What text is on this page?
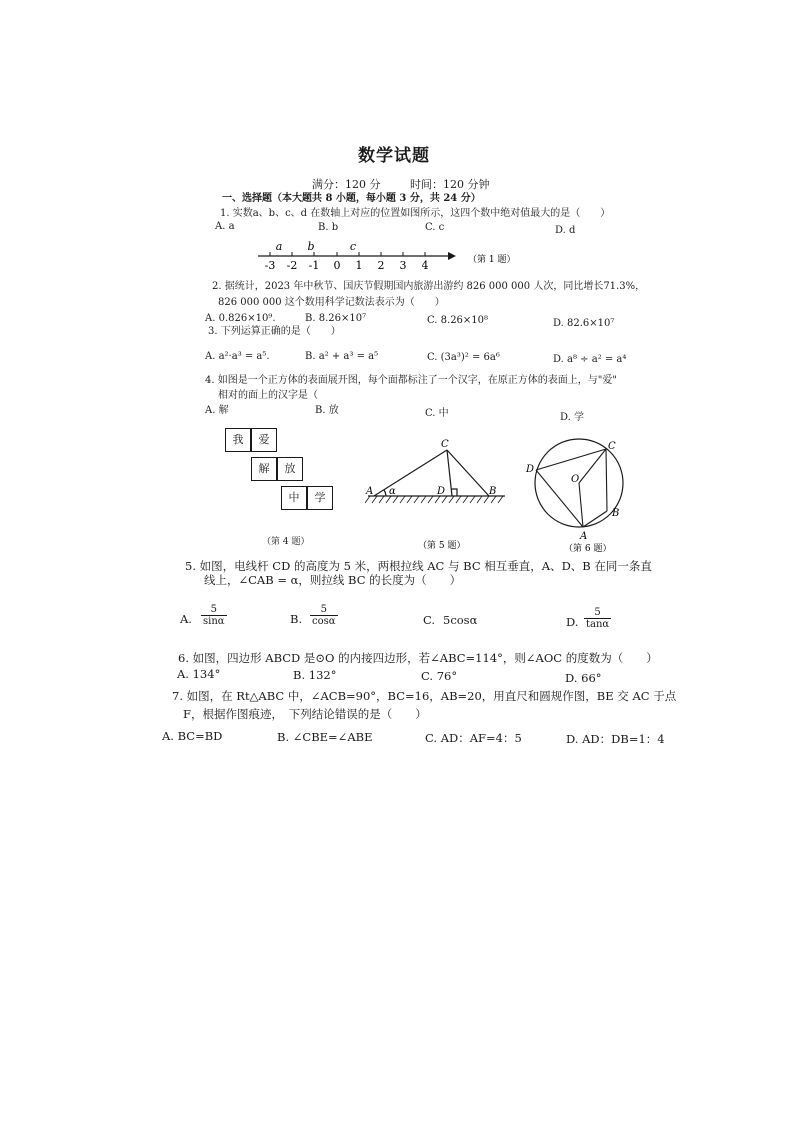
数学试题
满分：120 分	时间：120 分钟
一、选择题（本大题共 8 小题，每小题 3 分，共 24 分）
1. 实数a、b、c、d 在数轴上对应的位置如图所示，这四个数中绝对值最大的是（　　）
A. a	B. b	C. c	D. d
a b	c
-3 -2 -1 0 1 2 3 4	（第 1 题）
2. 据统计，2023 年中秋节、国庆节假期国内旅游出游约 826 000 000 人次，同比增长71.3%，
826 000 000 这个数用科学记数法表示为（　　）
A. 0.826×10⁹.	B. 8.26×10⁷	C. 8.26×10⁸	D. 82.6×10⁷
3. 下列运算正确的是（　　）
A. a²·a³ = a⁵.	B. a² + a³ = a⁵	C. (3a³)² = 6a⁶	D. a⁸ ÷ a² = a⁴
4. 如图是一个正方体的表面展开图，每个面都标注了一个汉字，在原正方体的表面上，与"爱"
相对的面上的汉字是（
A. 解	B. 放	C. 中	D. 学
我	爱
解	放
中	学
（第 4 题）
C
A	D	B
α
（第 5 题）
C
D
O
B
A
（第 6 题）
5. 如图，电线杆 CD 的高度为 5 米，两根拉线 AC 与 BC 相互垂直，A、D、B 在同一条直
线上，∠CAB = α，则拉线 BC 的长度为（　　）
A. $\frac{5}{\sin\alpha}$	B. $\frac{5}{\cos\alpha}$	C. 5cosα	D. $\frac{5}{\tan\alpha}$
6. 如图，四边形 ABCD 是⊙O 的内接四边形，若∠ABC=114°，则∠AOC 的度数为（　　）
A. 134°	B. 132°	C. 76°	D. 66°
7. 如图，在 Rt△ABC 中，∠ACB=90°，BC=16，AB=20，用直尺和圆规作图，BE 交 AC 于点
F，根据作图痕迹，　下列结论错误的是（　　）
A. BC=BD	B. ∠CBE=∠ABE	C. AD：AF=4：5	D. AD：DB=1：4
